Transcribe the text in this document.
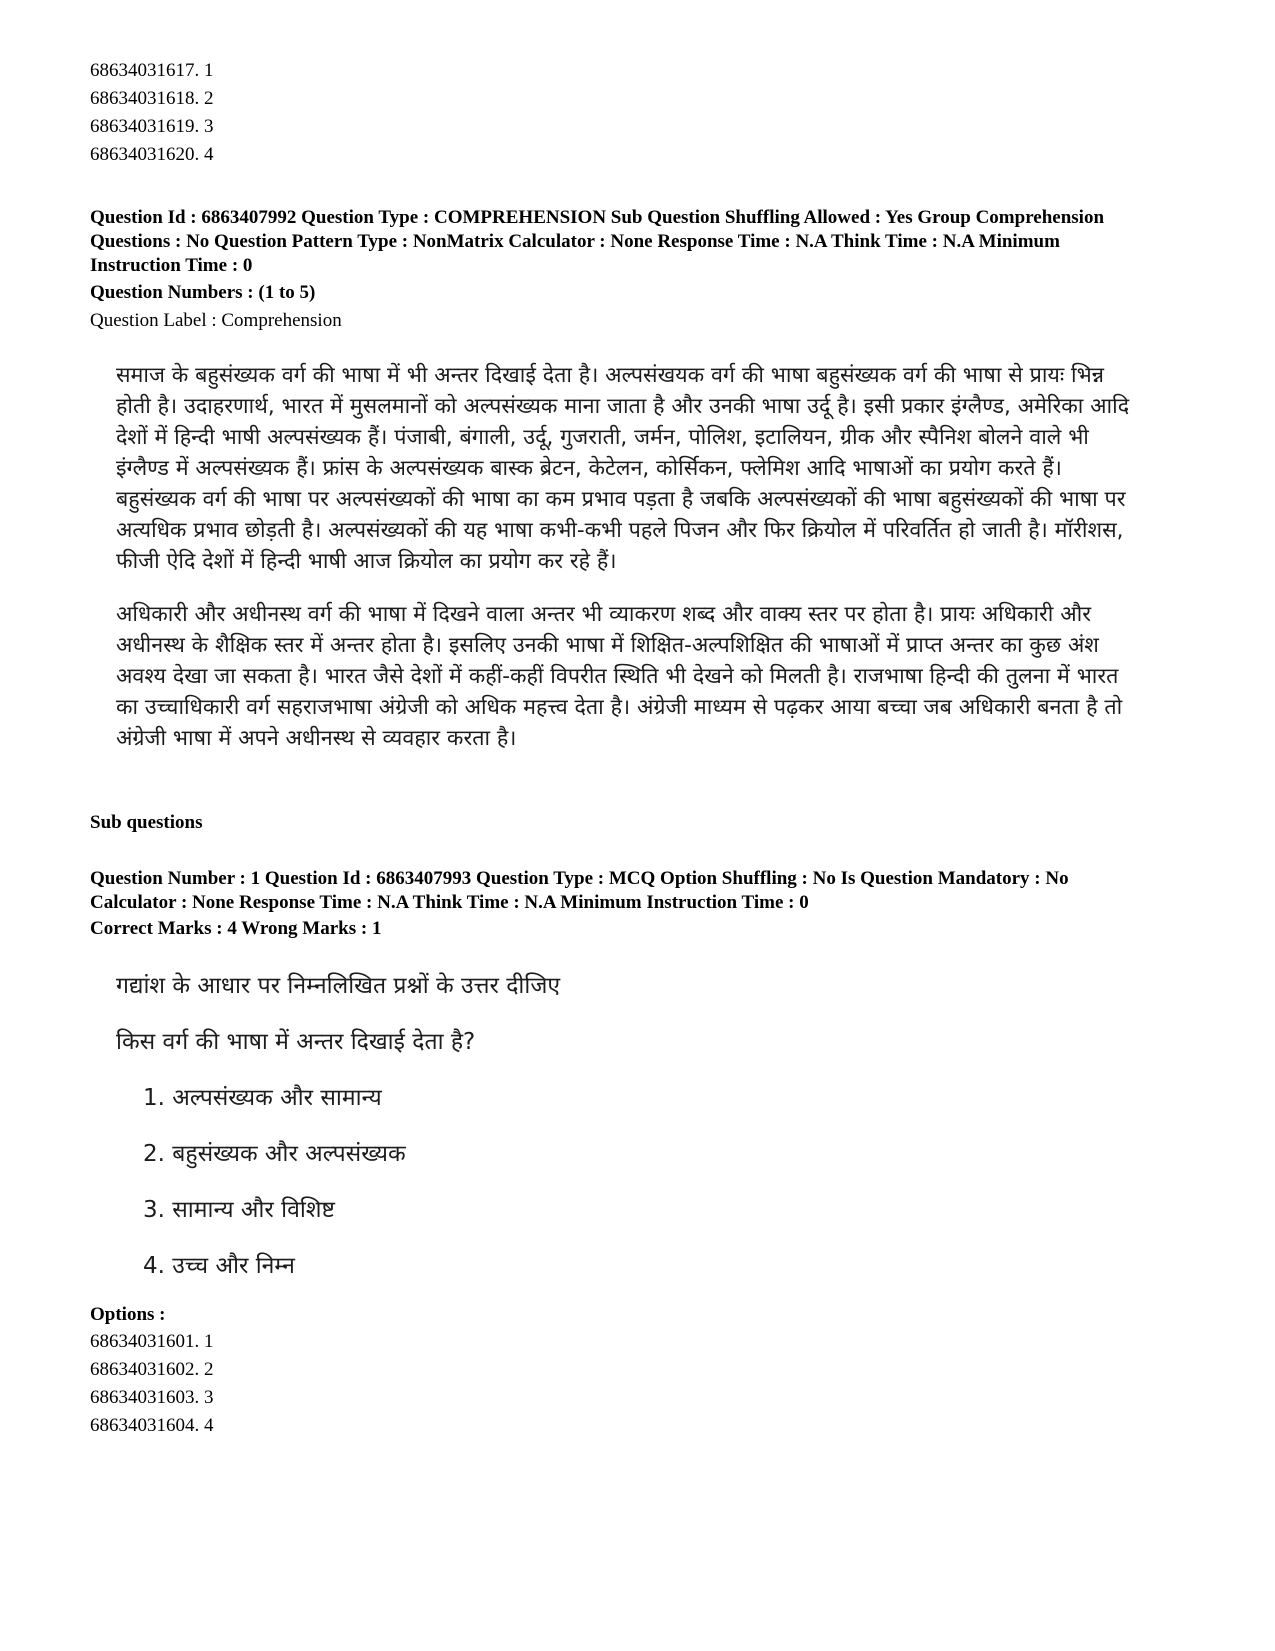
68634031617. 1
68634031618. 2
68634031619. 3
68634031620. 4
Question Id : 6863407992 Question Type : COMPREHENSION Sub Question Shuffling Allowed : Yes Group Comprehension Questions : No Question Pattern Type : NonMatrix Calculator : None Response Time : N.A Think Time : N.A Minimum Instruction Time : 0
Question Numbers : (1 to 5)
Question Label : Comprehension

समाज के बहुसंख्यक वर्ग की भाषा में भी अन्तर दिखाई देता है। अल्पसंखयक वर्ग की भाषा बहुसंख्यक वर्ग की भाषा से प्रायः भिन्न होती है। उदाहरणार्थ, भारत में मुसलमानों को अल्पसंख्यक माना जाता है और उनकी भाषा उर्दू है। इसी प्रकार इंग्लैण्ड, अमेरिका आदि देशों में हिन्दी भाषी अल्पसंख्यक हैं। पंजाबी, बंगाली, उर्दू, गुजराती, जर्मन, पोलिश, इटालियन, ग्रीक और स्पैनिश बोलने वाले भी इंग्लैण्ड में अल्पसंख्यक हैं। फ्रांस के अल्पसंख्यक बास्क ब्रेटन, केटेलन, कोर्सिकन, फ्लेमिश आदि भाषाओं का प्रयोग करते हैं। बहुसंख्यक वर्ग की भाषा पर अल्पसंख्यकों की भाषा का कम प्रभाव पड़ता है जबकि अल्पसंख्यकों की भाषा बहुसंख्यकों की भाषा पर अत्यधिक प्रभाव छोड़ती है। अल्पसंख्यकों की यह भाषा कभी-कभी पहले पिजन और फिर क्रियोल में परिवर्तित हो जाती है। मॉरीशस, फीजी ऐदि देशों में हिन्दी भाषी आज क्रियोल का प्रयोग कर रहे हैं।

अधिकारी और अधीनस्थ वर्ग की भाषा में दिखने वाला अन्तर भी व्याकरण शब्द और वाक्य स्तर पर होता है। प्रायः अधिकारी और अधीनस्थ के शैक्षिक स्तर में अन्तर होता है। इसलिए उनकी भाषा में शिक्षित-अल्पशिक्षित की भाषाओं में प्राप्त अन्तर का कुछ अंश अवश्य देखा जा सकता है। भारत जैसे देशों में कहीं-कहीं विपरीत स्थिति भी देखने को मिलती है। राजभाषा हिन्दी की तुलना में भारत का उच्चाधिकारी वर्ग सहराजभाषा अंग्रेजी को अधिक महत्त्व देता है। अंग्रेजी माध्यम से पढ़कर आया बच्चा जब अधिकारी बनता है तो अंग्रेजी भाषा में अपने अधीनस्थ से व्यवहार करता है।

Sub questions
Question Number : 1 Question Id : 6863407993 Question Type : MCQ Option Shuffling : No Is Question Mandatory : No Calculator : None Response Time : N.A Think Time : N.A Minimum Instruction Time : 0
Correct Marks : 4 Wrong Marks : 1
गद्यांश के आधार पर निम्नलिखित प्रश्नों के उत्तर दीजिए
किस वर्ग की भाषा में अन्तर दिखाई देता है?
1. अल्पसंख्यक और सामान्य
2. बहुसंख्यक और अल्पसंख्यक
3. सामान्य और विशिष्ट
4. उच्च और निम्न
Options :
68634031601. 1
68634031602. 2
68634031603. 3
68634031604. 4
